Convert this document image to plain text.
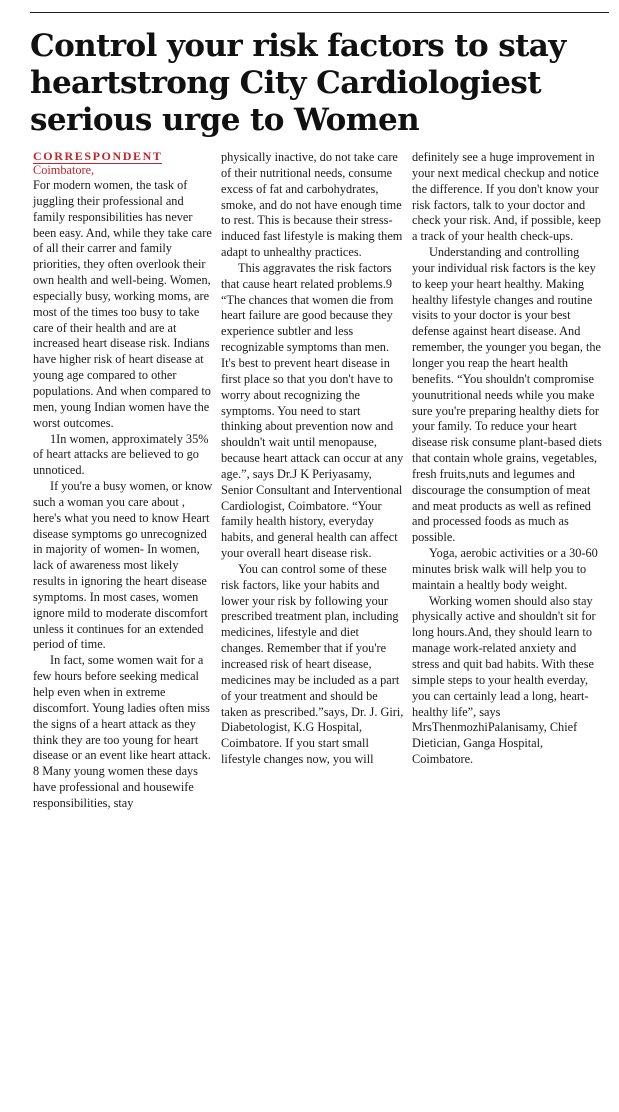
Control your risk factors to stay
heartstrong City Cardiologiest
serious urge to Women

CORRESPONDENT

Coimbatore,

For modern women, the task of juggling their professional and family responsibilities has never been easy. And, while they take care of all their carrer and family priorities, they often overlook their own health and well-being. Women, especially busy, working moms, are most of the times too busy to take care of their health and are at increased heart disease risk. Indians have higher risk of heart disease at young age compared to other populations. And when compared to men, young Indian women have the worst outcomes.

1In women, approximately 35% of heart attacks are believed to go unnoticed.

If you're a busy women, or know such a woman you care about , here's what you need to know Heart disease symptoms go unrecognized in majority of women- In women, lack of awareness most likely results in ignoring the heart disease symptoms. In most cases, women ignore mild to moderate discomfort unless it continues for an extended period of time.

In fact, some women wait for a few hours before seeking medical help even when in extreme discomfort. Young ladies often miss the signs of a heart attack as they think they are too young for heart disease or an event like heart attack. 8 Many young women these days have professional and housewife responsibilities, stay

physically inactive, do not take care of their nutritional needs, consume excess of fat and carbohydrates, smoke, and do not have enough time to rest. This is because their stress-induced fast lifestyle is making them adapt to unhealthy practices.

This aggravates the risk factors that cause heart related problems.9 “The chances that women die from heart failure are good because they experience subtler and less recognizable symptoms than men. It's best to prevent heart disease in first place so that you don't have to worry about recognizing the symptoms. You need to start thinking about prevention now and shouldn't wait until menopause, because heart attack can occur at any age.”, says Dr.J K Periyasamy, Senior Consultant and Interventional Cardiologist, Coimbatore. “Your family health history, everyday habits, and general health can affect your overall heart disease risk.

You can control some of these risk factors, like your habits and lower your risk by following your prescribed treatment plan, including medicines, lifestyle and diet changes. Remember that if you're increased risk of heart disease, medicines may be included as a part of your treatment and should be taken as prescribed.”says, Dr. J. Giri, Diabetologist, K.G Hospital, Coimbatore. If you start small lifestyle changes now, you will

definitely see a huge improvement in your next medical checkup and notice the difference. If you don't know your risk factors, talk to your doctor and check your risk. And, if possible, keep a track of your health check-ups.

Understanding and controlling your individual risk factors is the key to keep your heart healthy. Making healthy lifestyle changes and routine visits to your doctor is your best defense against heart disease. And remember, the younger you began, the longer you reap the heart health benefits. “You shouldn't compromise younutritional needs while you make sure you're preparing healthy diets for your family. To reduce your heart disease risk consume plant-based diets that contain whole grains, vegetables, fresh fruits,nuts and legumes and discourage the consumption of meat and meat products as well as refined and processed foods as much as possible.

Yoga, aerobic activities or a 30-60 minutes brisk walk will help you to maintain a healtly body weight.

Working women should also stay physically active and shouldn't sit for long hours.And, they should learn to manage work-related anxiety and stress and quit bad habits. With these simple steps to your health everday, you can certainly lead a long, heart-healthy life”, says MrsThenmozhiPalanisamy, Chief Dietician, Ganga Hospital, Coimbatore.
